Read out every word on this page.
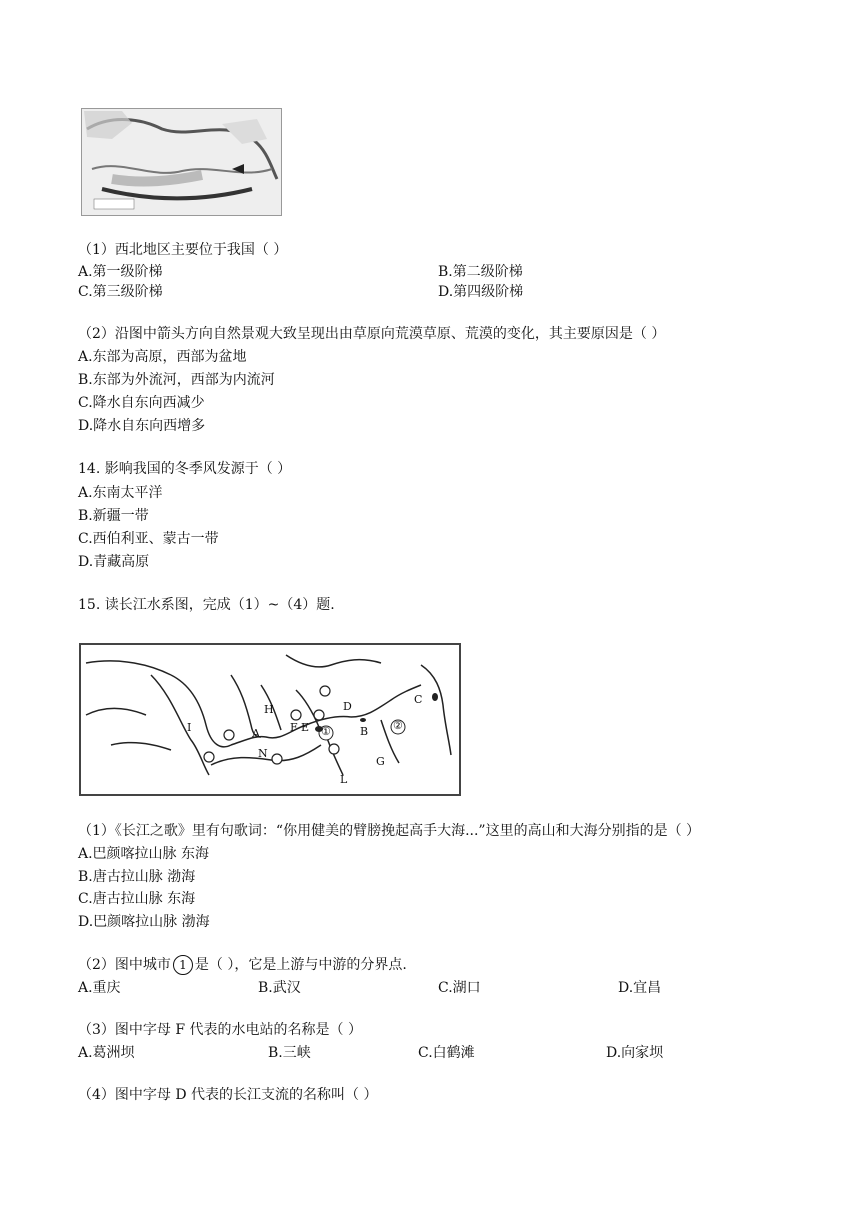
（1）西北地区主要位于我国（ ）
A.第一级阶梯	B.第二级阶梯
C.第三级阶梯	D.第四级阶梯
（2）沿图中箭头方向自然景观大致呈现出由草原向荒漠草原、荒漠的变化，其主要原因是（ ）
A.东部为高原，西部为盆地
B.东部为外流河，西部为内流河
C.降水自东向西减少
D.降水自东向西增多
14. 影响我国的冬季风发源于（ ）
A.东南太平洋
B.新疆一带
C.西伯利亚、蒙古一带
D.青藏高原
15. 读长江水系图，完成（1）~（4）题.
I
H
A	F E
D
N
①	B ②
C
G
L
（1）《长江之歌》里有句歌词：“你用健美的臂膀挽起高手大海...”这里的高山和大海分别指的是（ ）
A.巴颜喀拉山脉 东海
B.唐古拉山脉 渤海
C.唐古拉山脉 东海
D.巴颜喀拉山脉 渤海
（2）图中城市 1 是（ ），它是上游与中游的分界点.
A.重庆	B.武汉	C.湖口	D.宜昌
（3）图中字母 F 代表的水电站的名称是（ ）
A.葛洲坝	B.三峡	C.白鹤滩	D.向家坝
（4）图中字母 D 代表的长江支流的名称叫（ ）
